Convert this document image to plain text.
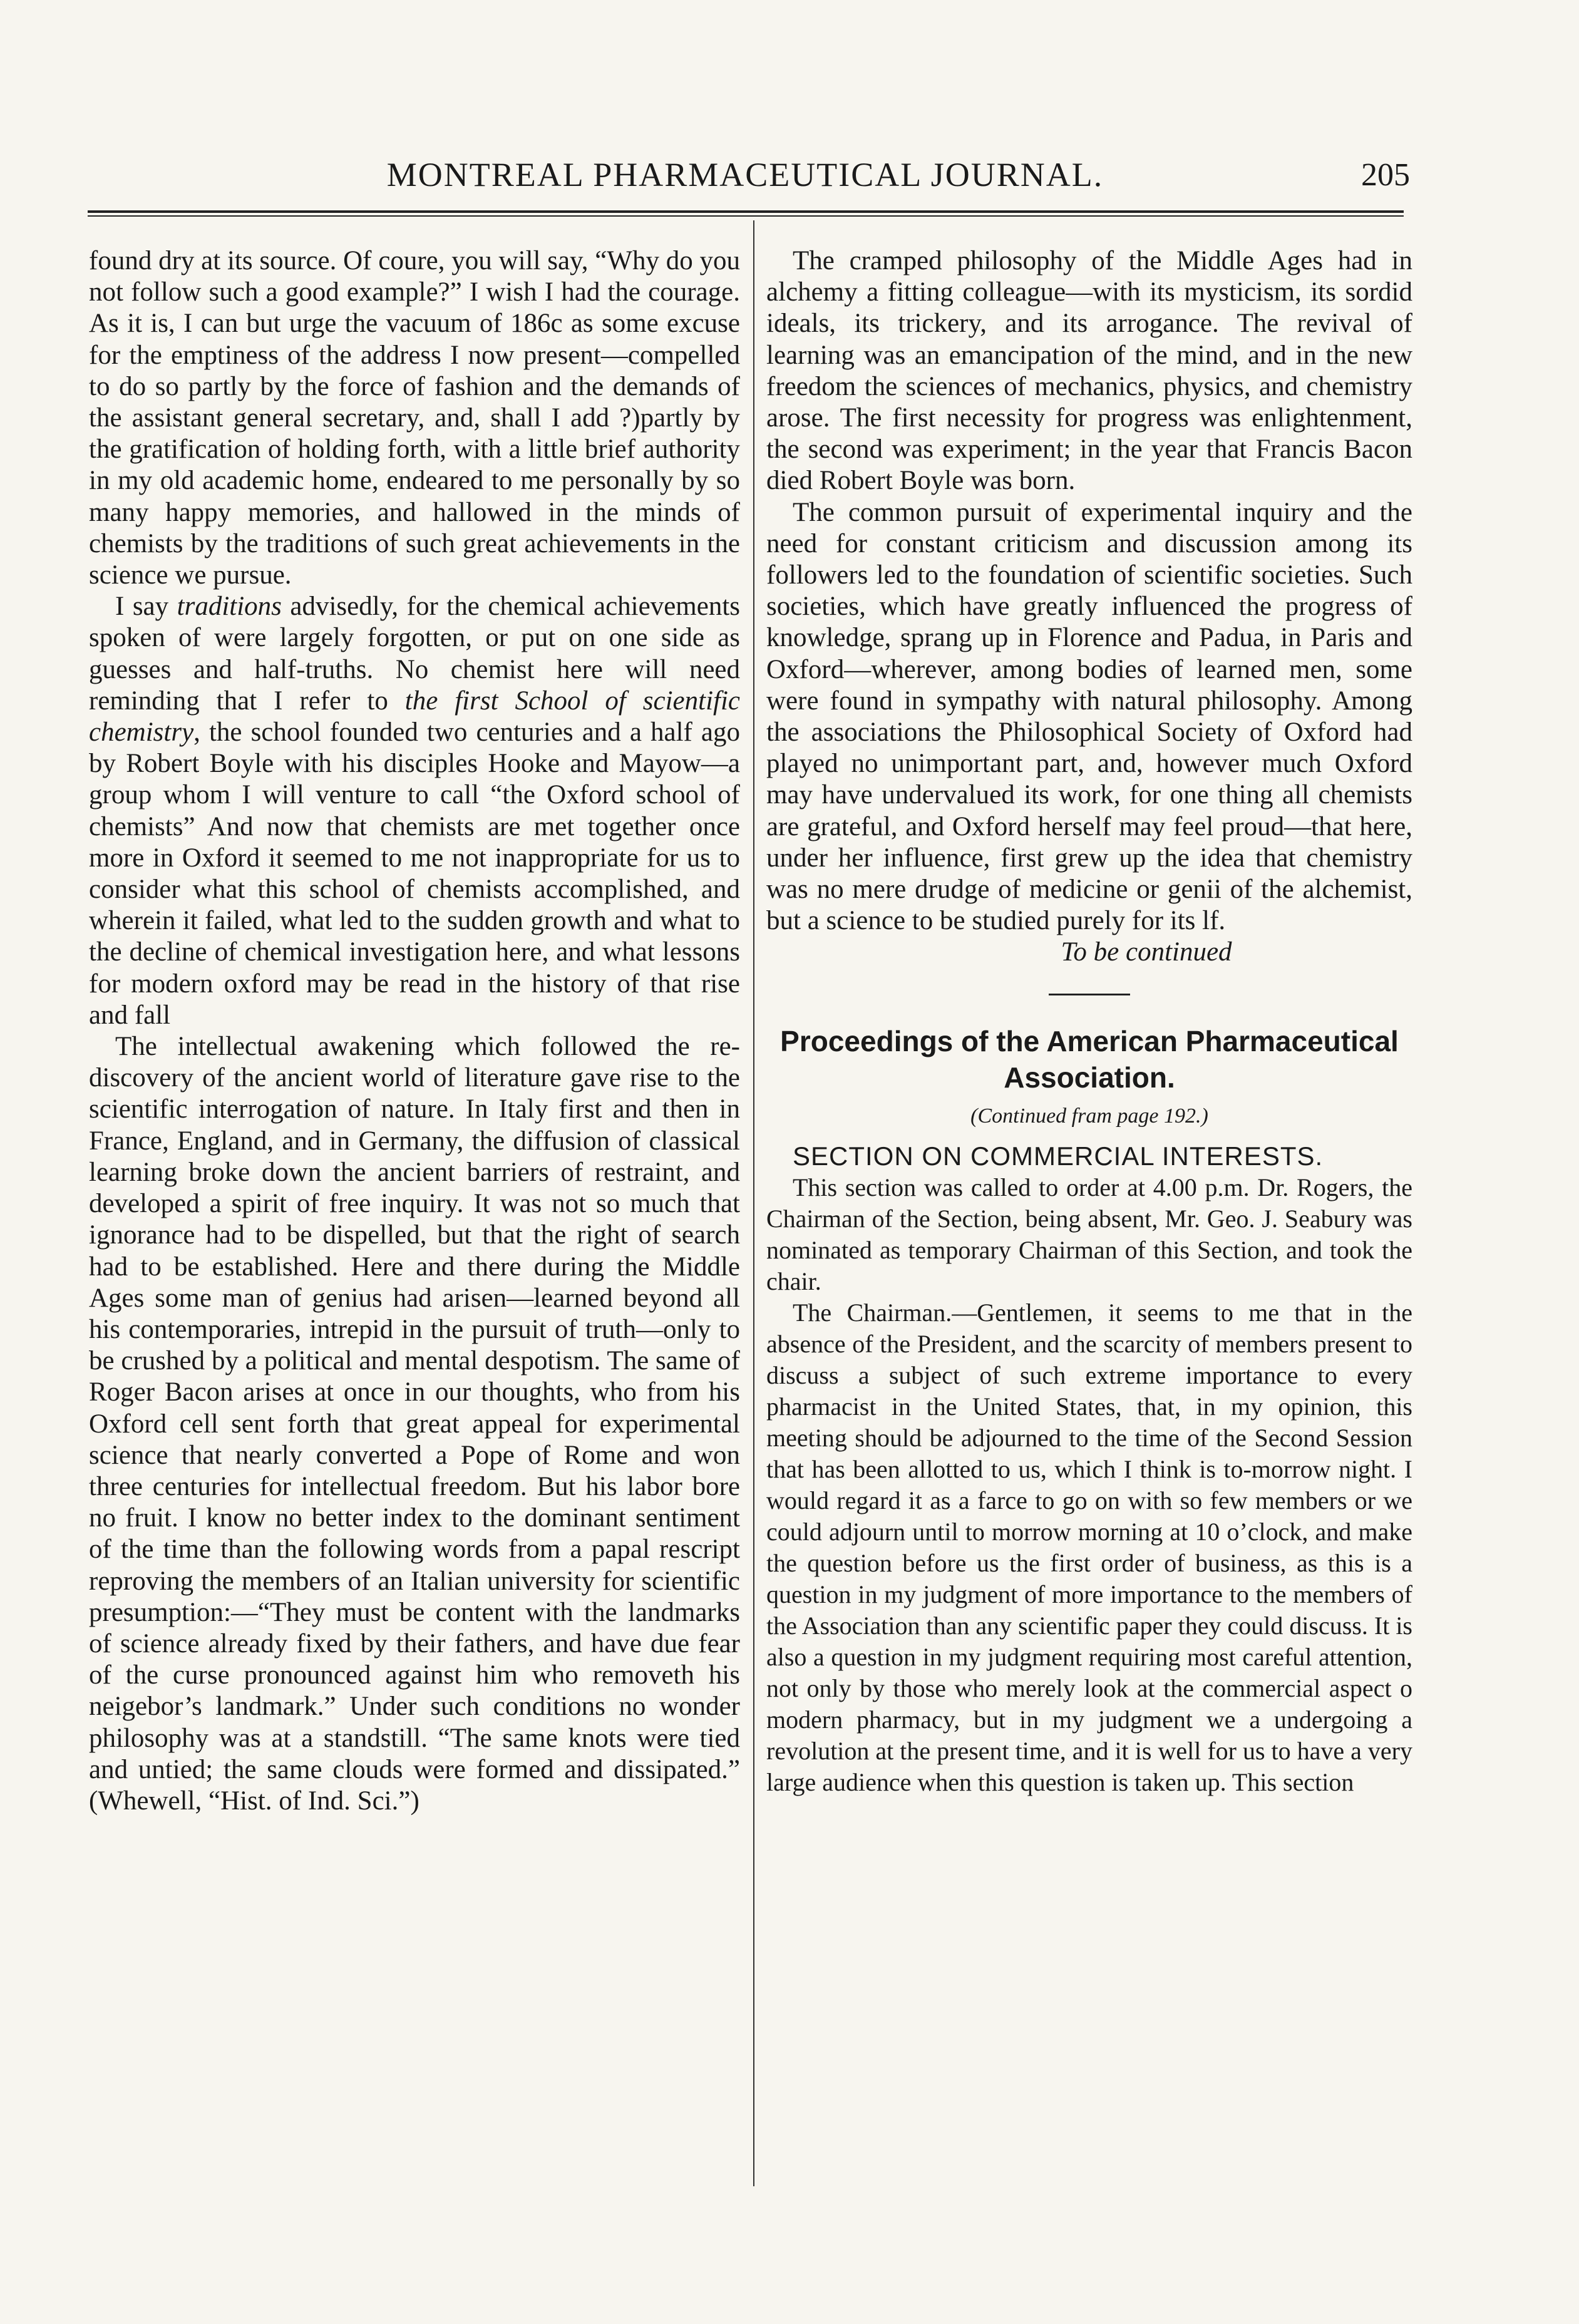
MONTREAL PHARMACEUTICAL JOURNAL.	205

found dry at its source. Of coure, you will say, “Why do you not follow such a good example?” I wish I had the courage. As it is, I can but urge the vacuum of 186c as some excuse for the emptiness of the address I now present—compelled to do so partly by the force of fashion and the demands of the assistant general secretary, and, shall I add ?)partly by the gratification of holding forth, with a little brief authority in my old academic home, endeared to me personally by so many happy memories, and hallowed in the minds of chemists by the traditions of such great achievements in the science we pursue.

I say traditions advisedly, for the chemical achievements spoken of were largely forgotten, or put on one side as guesses and half-truths. No chemist here will need reminding that I refer to the first School of scientific chemistry, the school founded two centuries and a half ago by Robert Boyle with his disciples Hooke and Mayow—a group whom I will venture to call “the Oxford school of chemists” And now that chemists are met together once more in Oxford it seemed to me not inappropriate for us to consider what this school of chemists accomplished, and wherein it failed, what led to the sudden growth and what to the decline of chemical investigation here, and what lessons for modern oxford may be read in the history of that rise and fall

The intellectual awakening which followed the re-discovery of the ancient world of literature gave rise to the scientific interrogation of nature. In Italy first and then in France, England, and in Germany, the diffusion of classical learning broke down the ancient barriers of restraint, and developed a spirit of free inquiry. It was not so much that ignorance had to be dispelled, but that the right of search had to be established. Here and there during the Middle Ages some man of genius had arisen—learned beyond all his contemporaries, intrepid in the pursuit of truth—only to be crushed by a political and mental despotism. The same of Roger Bacon arises at once in our thoughts, who from his Oxford cell sent forth that great appeal for experimental science that nearly converted a Pope of Rome and won three centuries for intellectual freedom. But his labor bore no fruit. I know no better index to the dominant sentiment of the time than the following words from a papal rescript reproving the members of an Italian university for scientific presumption:—“They must be content with the landmarks of science already fixed by their fathers, and have due fear of the curse pronounced against him who removeth his neigebor’s landmark.” Under such conditions no wonder philosophy was at a standstill. “The same knots were tied and untied; the same clouds were formed and dissipated.” (Whewell, “Hist. of Ind. Sci.”)

The cramped philosophy of the Middle Ages had in alchemy a fitting colleague—with its mysticism, its sordid ideals, its trickery, and its arrogance. The revival of learning was an emancipation of the mind, and in the new freedom the sciences of mechanics, physics, and chemistry arose. The first necessity for progress was enlightenment, the second was experiment; in the year that Francis Bacon died Robert Boyle was born.

The common pursuit of experimental inquiry and the need for constant criticism and discussion among its followers led to the foundation of scientific societies. Such societies, which have greatly influenced the progress of knowledge, sprang up in Florence and Padua, in Paris and Oxford—wherever, among bodies of learned men, some were found in sympathy with natural philosophy. Among the associations the Philosophical Society of Oxford had played no unimportant part, and, however much Oxford may have undervalued its work, for one thing all chemists are grateful, and Oxford herself may feel proud—that here, under her influence, first grew up the idea that chemistry was no mere drudge of medicine or genii of the alchemist, but a science to be studied purely for its lf.

To be continued

Proceedings of the American Pharmaceutical Association.
(Continued fram page 192.)

SECTION ON COMMERCIAL INTERESTS.

This section was called to order at 4.00 p.m. Dr. Rogers, the Chairman of the Section, being absent, Mr. Geo. J. Seabury was nominated as temporary Chairman of this Section, and took the chair.

The Chairman.—Gentlemen, it seems to me that in the absence of the President, and the scarcity of members present to discuss a subject of such extreme importance to every pharmacist in the United States, that, in my opinion, this meeting should be adjourned to the time of the Second Session that has been allotted to us, which I think is to-morrow night. I would regard it as a farce to go on with so few members or we could adjourn until to morrow morning at 10 o’clock, and make the question before us the first order of business, as this is a question in my judgment of more importance to the members of the Association than any scientific paper they could discuss. It is also a question in my judgment requiring most careful attention, not only by those who merely look at the commercial aspect o modern pharmacy, but in my judgment we a undergoing a revolution at the present time, and it is well for us to have a very large audience when this question is taken up. This section
